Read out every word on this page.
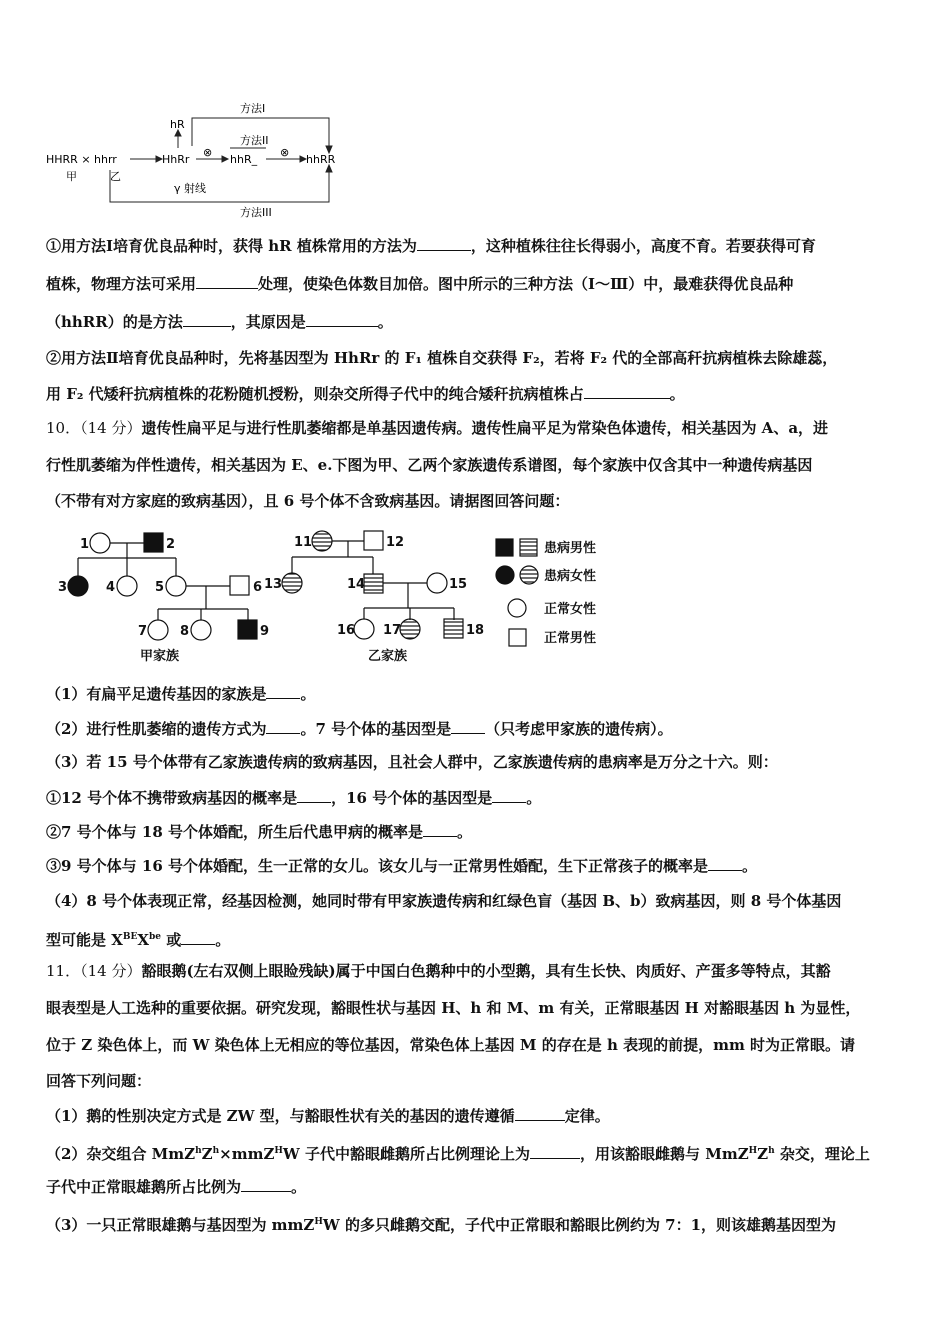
方法I
hR
方法II
HHRR × hhrr	HhRr
⊗
hhR_
⊗
hhRR
甲	乙
γ 射线
方法III
①用方法Ⅰ培育优良品种时，获得 hR 植株常用的方法为	，这种植株往往长得弱小，高度不育。若要获得可育
植株，物理方法可采用	处理，使染色体数目加倍。图中所示的三种方法（Ⅰ～Ⅲ）中，最难获得优良品种
（hhRR）的是方法	，其原因是	。
②用方法Ⅱ培育优良品种时，先将基因型为 HhRr 的 F₁ 植株自交获得 F₂，若将 F₂ 代的全部高秆抗病植株去除雄蕊，
用 F₂ 代矮秆抗病植株的花粉随机授粉，则杂交所得子代中的纯合矮秆抗病植株占	。
10．（14 分）遗传性扁平足与进行性肌萎缩都是单基因遗传病。遗传性扁平足为常染色体遗传，相关基因为 A、a，进
行性肌萎缩为伴性遗传，相关基因为 E、e.下图为甲、乙两个家族遗传系谱图，每个家族中仅含其中一种遗传病基因
（不带有对方家庭的致病基因），且 6 号个体不含致病基因。请据图回答问题：
1	2
3	4	5	6
7	8	9
11	12
13	14	15
16 17	18
甲家族	乙家族
患病男性
患病女性
正常女性
正常男性
（1）有扁平足遗传基因的家族是 。
（2）进行性肌萎缩的遗传方式为 。7 号个体的基因型是 （只考虑甲家族的遗传病）。
（3）若 15 号个体带有乙家族遗传病的致病基因，且社会人群中，乙家族遗传病的患病率是万分之十六。则：
①12 号个体不携带致病基因的概率是 ，16 号个体的基因型是 。
②7 号个体与 18 号个体婚配，所生后代患甲病的概率是 。
③9 号个体与 16 号个体婚配，生一正常的女儿。该女儿与一正常男性婚配，生下正常孩子的概率是 。
（4）8 号个体表现正常，经基因检测，她同时带有甲家族遗传病和红绿色盲（基因 B、b）致病基因，则 8 号个体基因
型可能是 $X^{BE}X^{be}$ 或 。
11．（14 分）豁眼鹅(左右双侧上眼睑残缺)属于中国白色鹅种中的小型鹅，具有生长快、肉质好、产蛋多等特点，其豁
眼表型是人工选种的重要依据。研究发现，豁眼性状与基因 H、h 和 M、m 有关，正常眼基因 H 对豁眼基因 h 为显性，
位于 Z 染色体上，而 W 染色体上无相应的等位基因，常染色体上基因 M 的存在是 h 表现的前提，mm 时为正常眼。请
回答下列问题：
（1）鹅的性别决定方式是 ZW 型，与豁眼性状有关的基因的遗传遵循	定律。
（2）杂交组合 $MmZ^hZ^h\times mmZ^HW$ 子代中豁眼雌鹅所占比例理论上为	，用该豁眼雌鹅与 $MmZ^HZ^h$ 杂交，理论上
子代中正常眼雄鹅所占比例为	。
（3）一只正常眼雄鹅与基因型为 mmZ$^H$W 的多只雌鹅交配，子代中正常眼和豁眼比例约为 7：1，则该雄鹅基因型为
